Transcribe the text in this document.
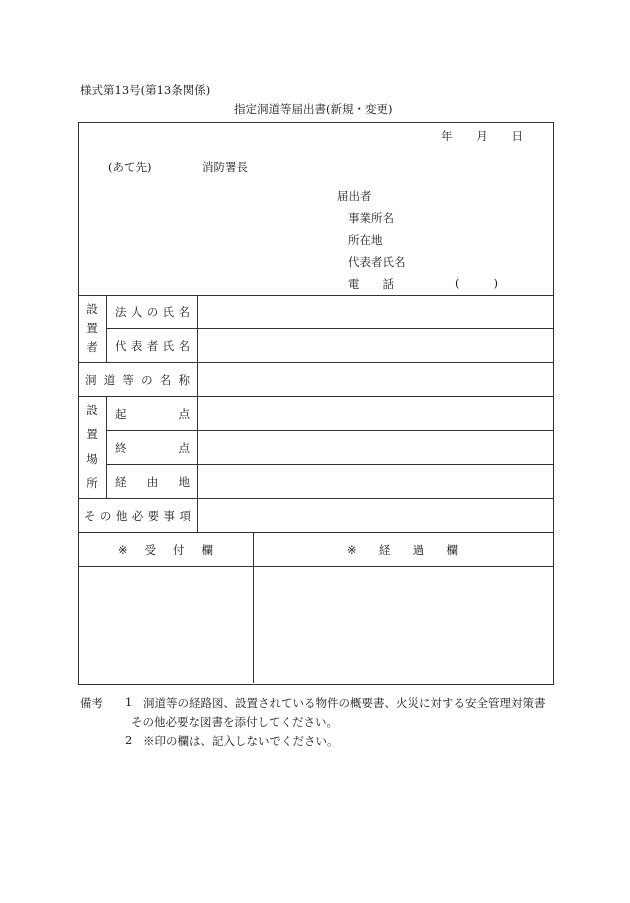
様式第13号(第13条関係)
指定洞道等届出書(新規・変更)
年 月 日
(あて先)	消防署長
届出者
事業所名
所在地
代表者氏名
電 話	(	)
設
置
者
法 人 の 氏 名
代 表 者 氏 名
洞 道 等 の 名 称
設
置
場
所
起	点
終	点
経 由 地
そ の 他 必 要 事 項
※ 受 付 欄	※ 経 過 欄
備考 1 洞道等の経路図、設置されている物件の概要書、火災に対する安全管理対策書
その他必要な図書を添付してください。
2 ※印の欄は、記入しないでください。
